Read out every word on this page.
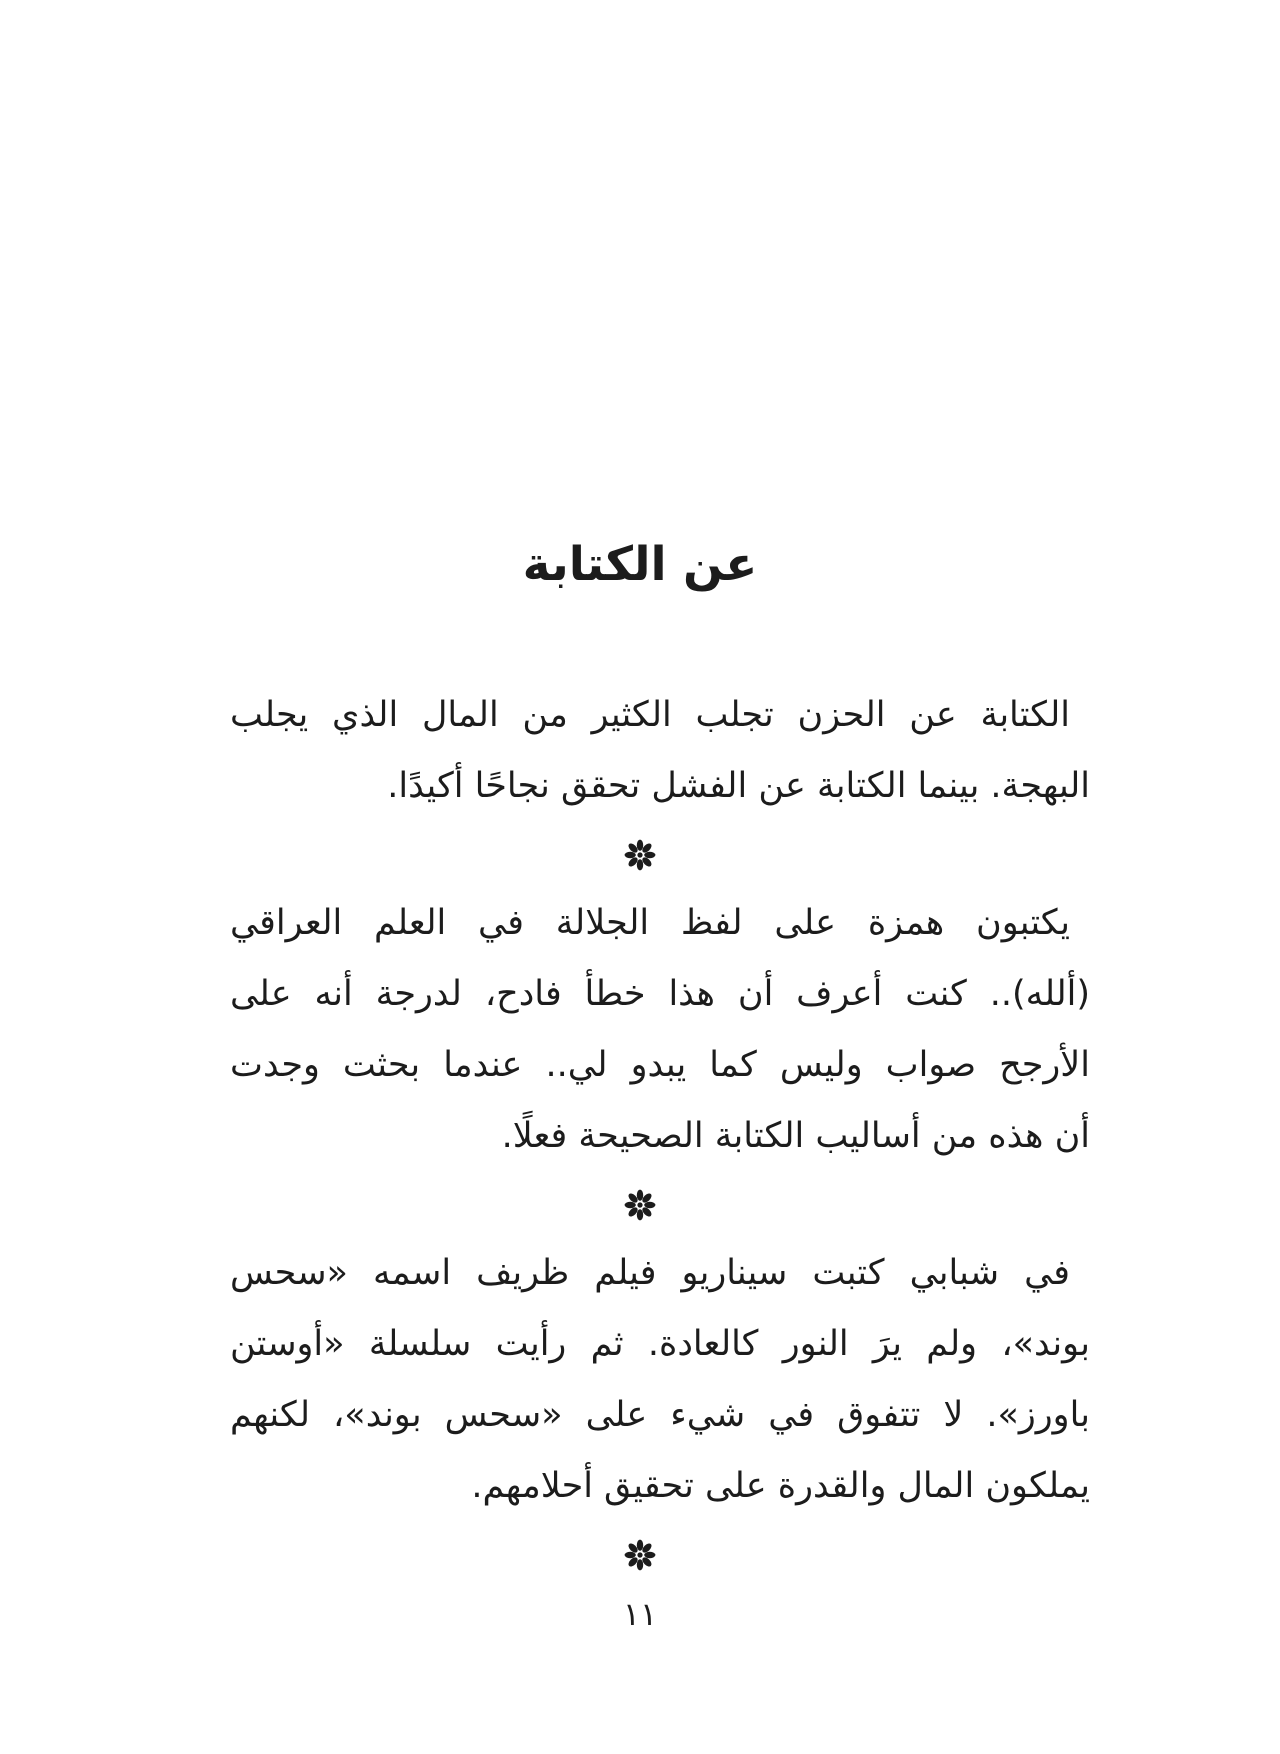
عن الكتابة
الكتابة عن الحزن تجلب الكثير من المال الذي يجلب
البهجة. بينما الكتابة عن الفشل تحقق نجاحًا أكيدًا.
يكتبون همزة على لفظ الجلالة في العلم العراقي
(ألله).. كنت أعرف أن هذا خطأ فادح، لدرجة أنه على
الأرجح صواب وليس كما يبدو لي.. عندما بحثت وجدت
أن هذه من أساليب الكتابة الصحيحة فعلًا.
في شبابي كتبت سيناريو فيلم ظريف اسمه «سحس
بوند»، ولم يرَ النور كالعادة. ثم رأيت سلسلة «أوستن
باورز». لا تتفوق في شيء على «سحس بوند»، لكنهم
يملكون المال والقدرة على تحقيق أحلامهم.
١١
